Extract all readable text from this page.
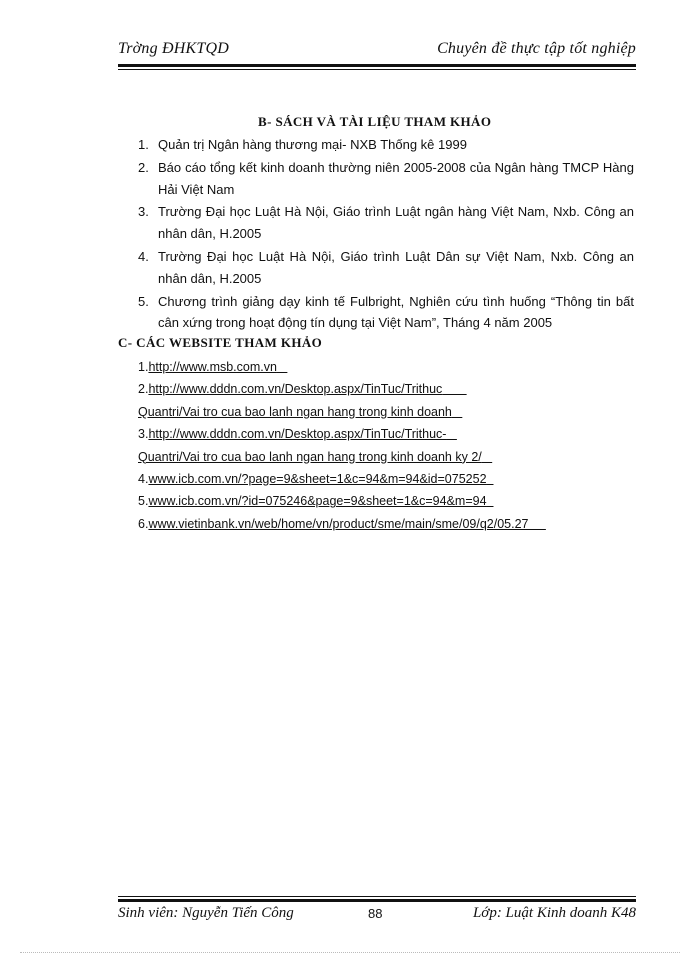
Trờng ĐHKTQD	Chuyên đề thực tập tốt nghiệp
B- SÁCH VÀ TÀI LIỆU THAM KHẢO
1. Quản trị Ngân hàng thương mại- NXB Thống kê 1999
2. Báo cáo tổng kết kinh doanh thường niên 2005-2008 của Ngân hàng TMCP Hàng Hải Việt Nam
3. Trường Đại học Luật Hà Nội, Giáo trình Luật ngân hàng Việt Nam, Nxb. Công an nhân dân, H.2005
4. Trường Đại học Luật Hà Nội, Giáo trình Luật Dân sự Việt Nam, Nxb. Công an nhân dân, H.2005
5. Chương trình giảng dạy kinh tế Fulbright, Nghiên cứu tình huống “Thông tin bất cân xứng trong hoạt động tín dụng tại Việt Nam”, Tháng 4 năm 2005
C- CÁC WEBSITE THAM KHẢO
1.http://www.msb.com.vn
2.http://www.dddn.com.vn/Desktop.aspx/TinTuc/Trithuc
Quantri/Vai tro cua bao lanh ngan hang trong kinh doanh
3.http://www.dddn.com.vn/Desktop.aspx/TinTuc/Trithuc-
Quantri/Vai tro cua bao lanh ngan hang trong kinh doanh ky 2/
4.www.icb.com.vn/?page=9&sheet=1&c=94&m=94&id=075252
5.www.icb.com.vn/?id=075246&page=9&sheet=1&c=94&m=94
6.www.vietinbank.vn/web/home/vn/product/sme/main/sme/09/q2/05.27
Sinh viên: Nguyễn Tiến Công	88	Lớp: Luật Kinh doanh K48
